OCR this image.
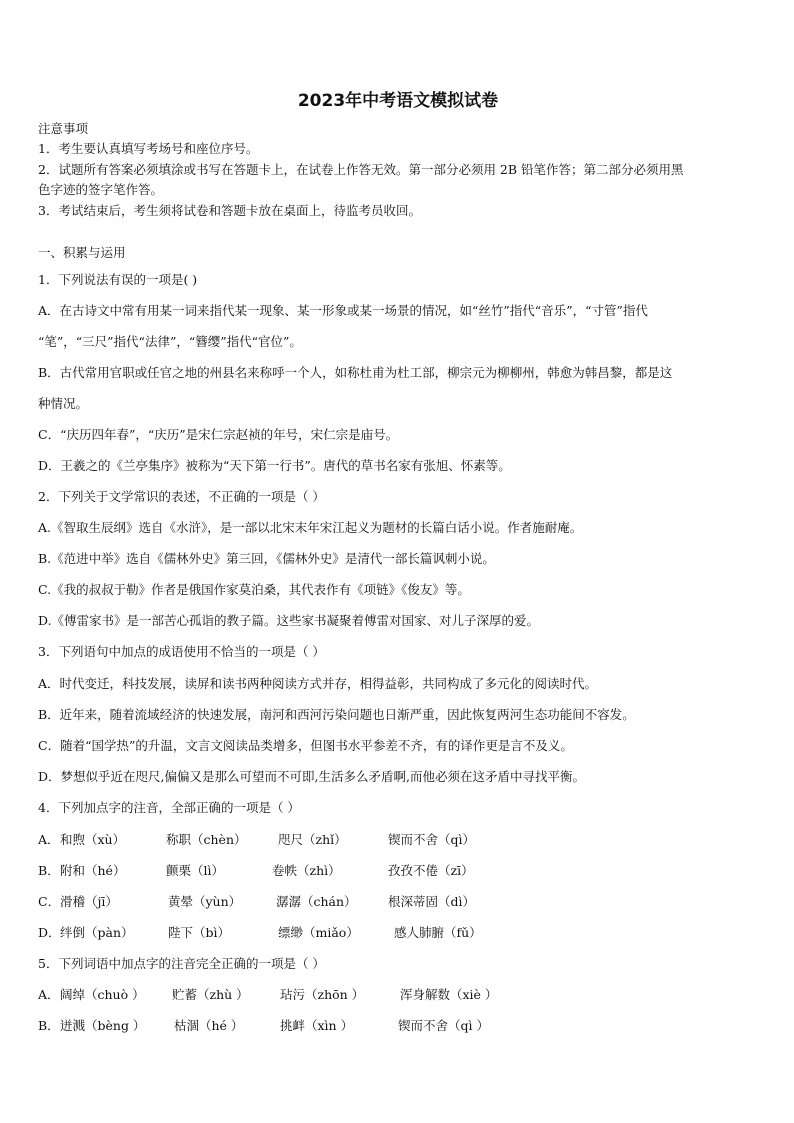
2023年中考语文模拟试卷
注意事项
1．考生要认真填写考场号和座位序号。
2．试题所有答案必须填涂或书写在答题卡上，在试卷上作答无效。第一部分必须用 2B 铅笔作答；第二部分必须用黑
色字迹的签字笔作答。
3．考试结束后，考生须将试卷和答题卡放在桌面上，待监考员收回。
一、积累与运用
1．下列说法有误的一项是( )
A．在古诗文中常有用某一词来指代某一现象、某一形象或某一场景的情况，如“丝竹”指代“音乐”，“寸管”指代
“笔”，“三尺”指代“法律”，“簪缨”指代“官位”。
B．古代常用官职或任官之地的州县名来称呼一个人，如称杜甫为杜工部，柳宗元为柳柳州，韩愈为韩昌黎，都是这
种情况。
C．“庆历四年春”，“庆历”是宋仁宗赵祯的年号，宋仁宗是庙号。
D．王羲之的《兰亭集序》被称为“天下第一行书”。唐代的草书名家有张旭、怀素等。
2．下列关于文学常识的表述，不正确的一项是（ ）
A.《智取生辰纲》选自《水浒》，是一部以北宋末年宋江起义为题材的长篇白话小说。作者施耐庵。
B.《范进中举》选自《儒林外史》第三回，《儒林外史》是清代一部长篇讽刺小说。
C.《我的叔叔于勒》作者是俄国作家莫泊桑，其代表作有《项链》《俊友》等。
D.《傅雷家书》是一部苦心孤诣的教子篇。这些家书凝聚着傅雷对国家、对儿子深厚的爱。
3．下列语句中加点的成语使用不恰当的一项是（ ）
A．时代变迁，科技发展，读屏和读书两种阅读方式并存，相得益彰，共同构成了多元化的阅读时代。
B．近年来，随着流域经济的快速发展，南河和西河污染问题也日渐严重，因此恢复两河生态功能间不容发。
C．随着“国学热”的升温，文言文阅读品类增多，但图书水平参差不齐，有的译作更是言不及义。
D．梦想似乎近在咫尺,偏偏又是那么可望而不可即,生活多么矛盾啊,而他必须在这矛盾中寻找平衡。
4．下列加点字的注音，全部正确的一项是（ ）
A． 和煦（xù）	称职（chèn）	咫尺（zhǐ）	锲而不舍（qì）
B． 附和（hé）	颤栗（lì）	卷帙（zhì）	孜孜不倦（zī）
C． 滑稽（jī）	黄晕（yùn）	潺潺（chán）	根深蒂固（dì）
D． 绊倒（pàn）	陛下（bì）	缥缈（miǎo）	感人肺腑（fǔ）
5．下列词语中加点字的注音完全正确的一项是（ ）
A． 阔绰（chuò ） 贮蓄（zhù ）	玷污（zhōn ）	浑身解数（xiè ）
B． 迸溅（bèng ） 枯涸（hé ）	挑衅（xìn ）	锲而不舍（qì ）
